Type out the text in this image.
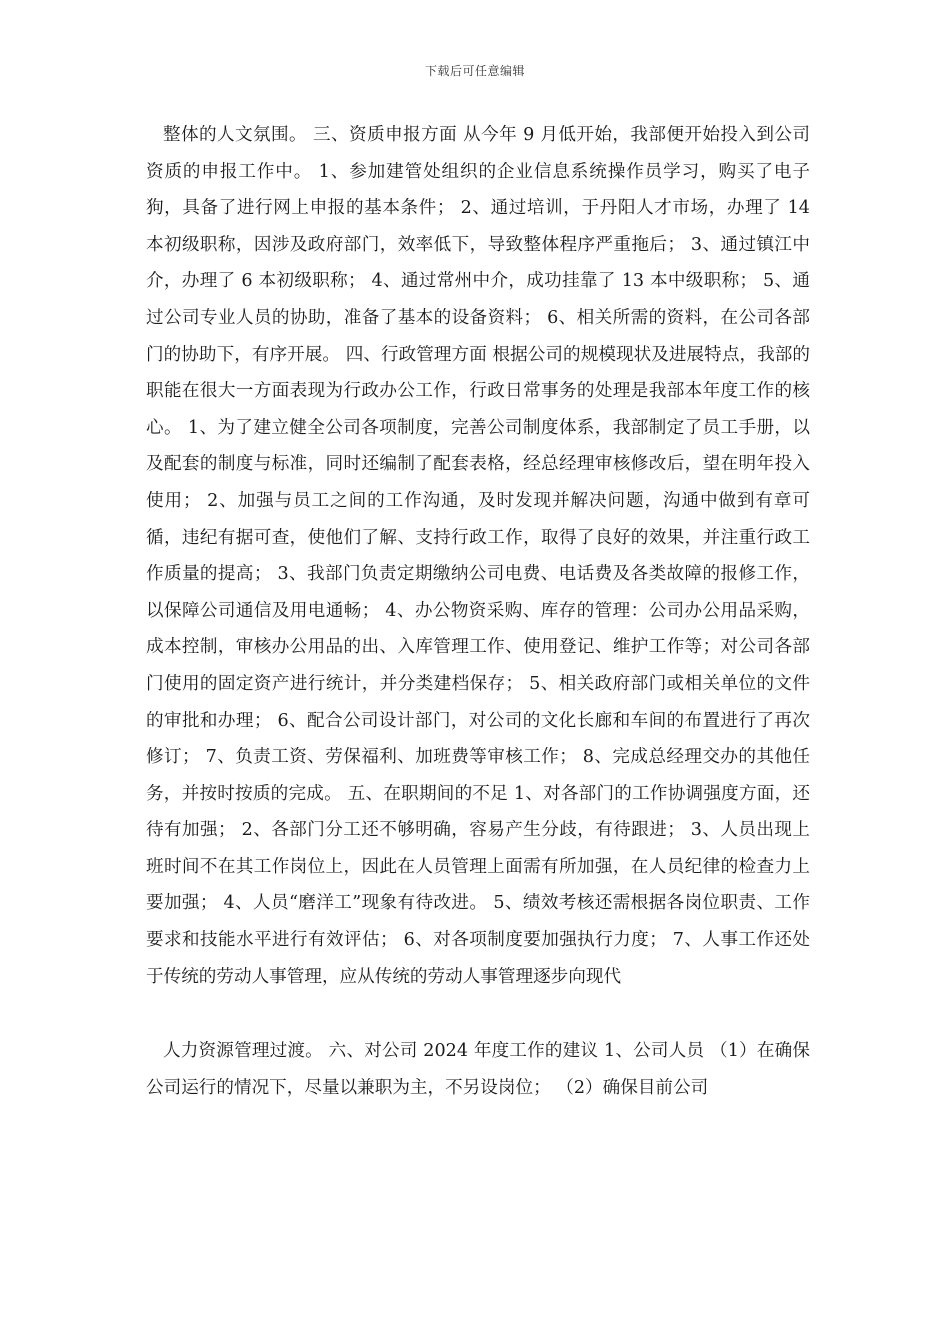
下载后可任意编辑

整体的人文氛围。 三、资质申报方面 从今年 9 月低开始，我部便开始投入到公司资质的申报工作中。 1、参加建管处组织的企业信息系统操作员学习，购买了电子狗，具备了进行网上申报的基本条件； 2、通过培训，于丹阳人才市场，办理了 14 本初级职称，因涉及政府部门，效率低下，导致整体程序严重拖后； 3、通过镇江中介，办理了 6 本初级职称； 4、通过常州中介，成功挂靠了 13 本中级职称； 5、通过公司专业人员的协助，准备了基本的设备资料； 6、相关所需的资料，在公司各部门的协助下，有序开展。 四、行政管理方面 根据公司的规模现状及进展特点，我部的职能在很大一方面表现为行政办公工作，行政日常事务的处理是我部本年度工作的核心。 1、为了建立健全公司各项制度，完善公司制度体系，我部制定了员工手册，以及配套的制度与标准，同时还编制了配套表格，经总经理审核修改后，望在明年投入使用； 2、加强与员工之间的工作沟通，及时发现并解决问题，沟通中做到有章可循，违纪有据可查，使他们了解、支持行政工作，取得了良好的效果，并注重行政工作质量的提高； 3、我部门负责定期缴纳公司电费、电话费及各类故障的报修工作，以保障公司通信及用电通畅； 4、办公物资采购、库存的管理：公司办公用品采购，成本控制，审核办公用品的出、入库管理工作、使用登记、维护工作等；对公司各部门使用的固定资产进行统计，并分类建档保存； 5、相关政府部门或相关单位的文件的审批和办理； 6、配合公司设计部门，对公司的文化长廊和车间的布置进行了再次修订； 7、负责工资、劳保福利、加班费等审核工作； 8、完成总经理交办的其他任务，并按时按质的完成。 五、在职期间的不足 1、对各部门的工作协调强度方面，还待有加强； 2、各部门分工还不够明确，容易产生分歧，有待跟进； 3、人员出现上班时间不在其工作岗位上，因此在人员管理上面需有所加强，在人员纪律的检查力上要加强； 4、人员“磨洋工”现象有待改进。 5、绩效考核还需根据各岗位职责、工作要求和技能水平进行有效评估； 6、对各项制度要加强执行力度； 7、人事工作还处于传统的劳动人事管理，应从传统的劳动人事管理逐步向现代

人力资源管理过渡。 六、对公司 2024 年度工作的建议 1、公司人员 （1）在确保公司运行的情况下，尽量以兼职为主，不另设岗位； （2）确保目前公司
